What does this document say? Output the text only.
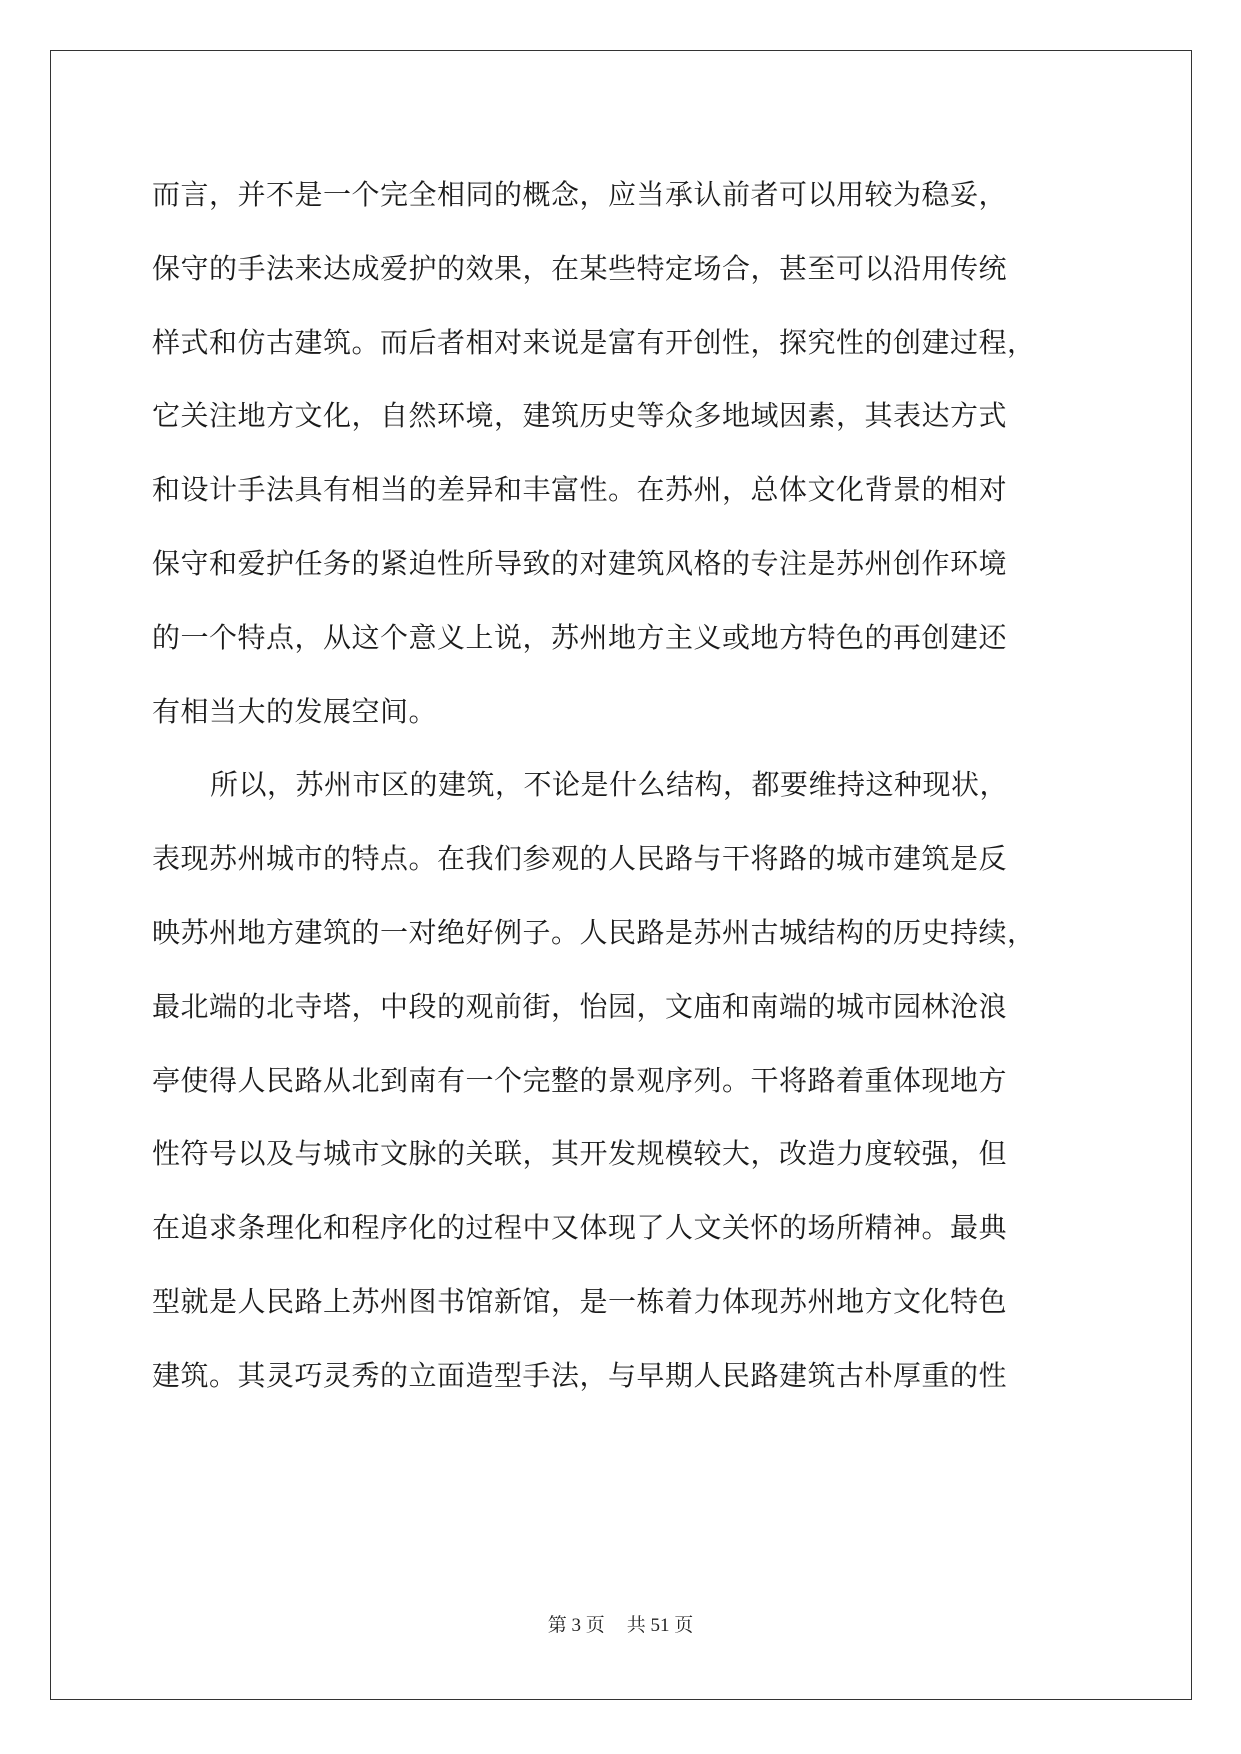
而言，并不是一个完全相同的概念，应当承认前者可以用较为稳妥，
保守的手法来达成爱护的效果，在某些特定场合，甚至可以沿用传统
样式和仿古建筑。而后者相对来说是富有开创性，探究性的创建过程，
它关注地方文化，自然环境，建筑历史等众多地域因素，其表达方式
和设计手法具有相当的差异和丰富性。在苏州，总体文化背景的相对
保守和爱护任务的紧迫性所导致的对建筑风格的专注是苏州创作环境
的一个特点，从这个意义上说，苏州地方主义或地方特色的再创建还
有相当大的发展空间。
所以，苏州市区的建筑，不论是什么结构，都要维持这种现状，
表现苏州城市的特点。在我们参观的人民路与干将路的城市建筑是反
映苏州地方建筑的一对绝好例子。人民路是苏州古城结构的历史持续，
最北端的北寺塔，中段的观前街，怡园，文庙和南端的城市园林沧浪
亭使得人民路从北到南有一个完整的景观序列。干将路着重体现地方
性符号以及与城市文脉的关联，其开发规模较大，改造力度较强，但
在追求条理化和程序化的过程中又体现了人文关怀的场所精神。最典
型就是人民路上苏州图书馆新馆，是一栋着力体现苏州地方文化特色
建筑。其灵巧灵秀的立面造型手法，与早期人民路建筑古朴厚重的性
第 3 页 共 51 页
